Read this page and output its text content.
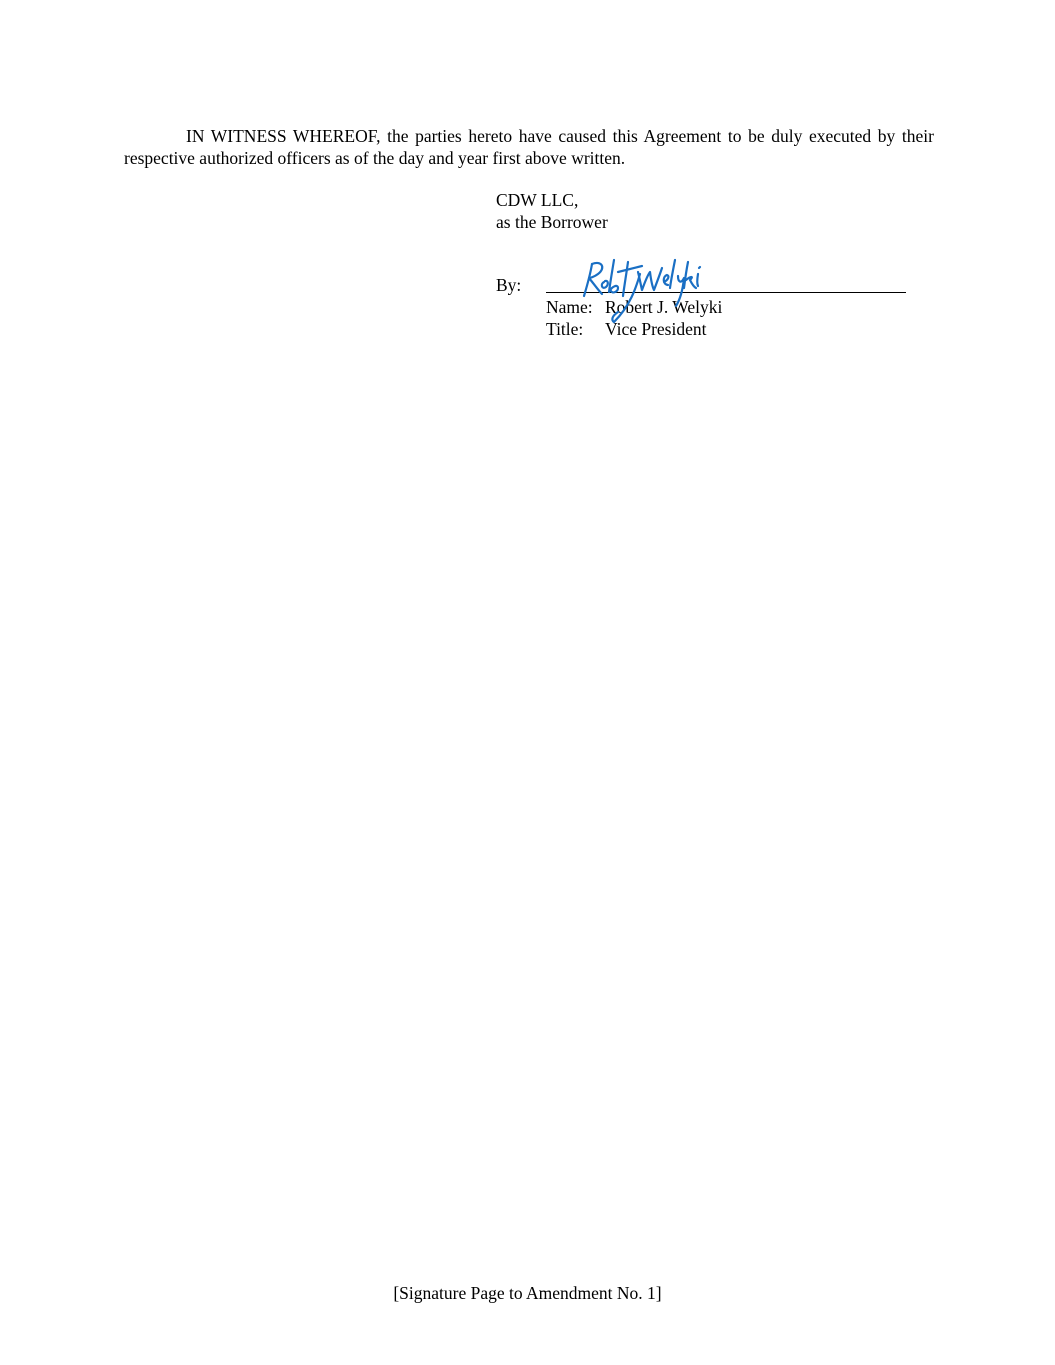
IN WITNESS WHEREOF, the parties hereto have caused this Agreement to be duly executed by their respective authorized officers as of the day and year first above written.

CDW LLC,
as the Borrower
By:
Name: Robert J. Welyki
Title: Vice President
[Signature Page to Amendment No. 1]
